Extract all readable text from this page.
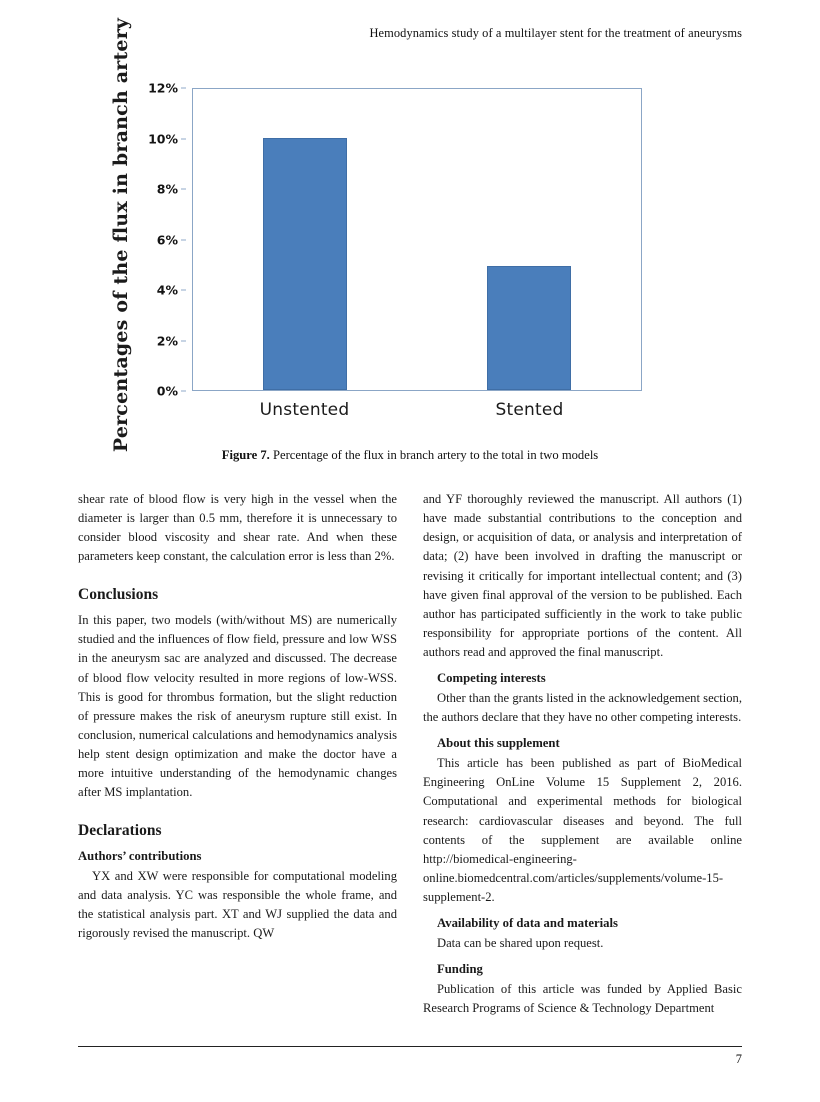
Hemodynamics study of a multilayer stent for the treatment of aneurysms
Percentages of the flux in branch artery 0%
2%
4%
6%
8%
10%
12%
Unstented	Stented
Figure 7. Percentage of the flux in branch artery to the total in two models

shear rate of blood flow is very high in the vessel when the diameter is larger than 0.5 mm, therefore it is unnecessary to consider blood viscosity and shear rate. And when these parameters keep constant, the calculation error is less than 2%.

Conclusions

In this paper, two models (with/without MS) are numerically studied and the influences of flow field, pressure and low WSS in the aneurysm sac are analyzed and discussed. The decrease of blood flow velocity resulted in more regions of low-WSS. This is good for thrombus formation, but the slight reduction of pressure makes the risk of aneurysm rupture still exist. In conclusion, numerical calculations and hemodynamics analysis help stent design optimization and make the doctor have a more intuitive understanding of the hemodynamic changes after MS implantation.

Declarations
Authors’ contributions

YX and XW were responsible for computational modeling and data analysis. YC was responsible the whole frame, and the statistical analysis part. XT and WJ supplied the data and rigorously revised the manuscript. QW

and YF thoroughly reviewed the manuscript. All authors (1) have made substantial contributions to the conception and design, or acquisition of data, or analysis and interpretation of data; (2) have been involved in drafting the manuscript or revising it critically for important intellectual content; and (3) have given final approval of the version to be published. Each author has participated sufficiently in the work to take public responsibility for appropriate portions of the content. All authors read and approved the final manuscript.

Competing interests

Other than the grants listed in the acknowledgement section, the authors declare that they have no other competing interests.

About this supplement

This article has been published as part of BioMedical Engineering OnLine Volume 15 Supplement 2, 2016. Computational and experimental methods for biological research: cardiovascular diseases and beyond. The full contents of the supplement are available online http://biomedical-engineering-online.biomedcentral.com/articles/supplements/volume-15-supplement-2.

Availability of data and materials

Data can be shared upon request.

Funding

Publication of this article was funded by Applied Basic Research Programs of Science & Technology Department

7
